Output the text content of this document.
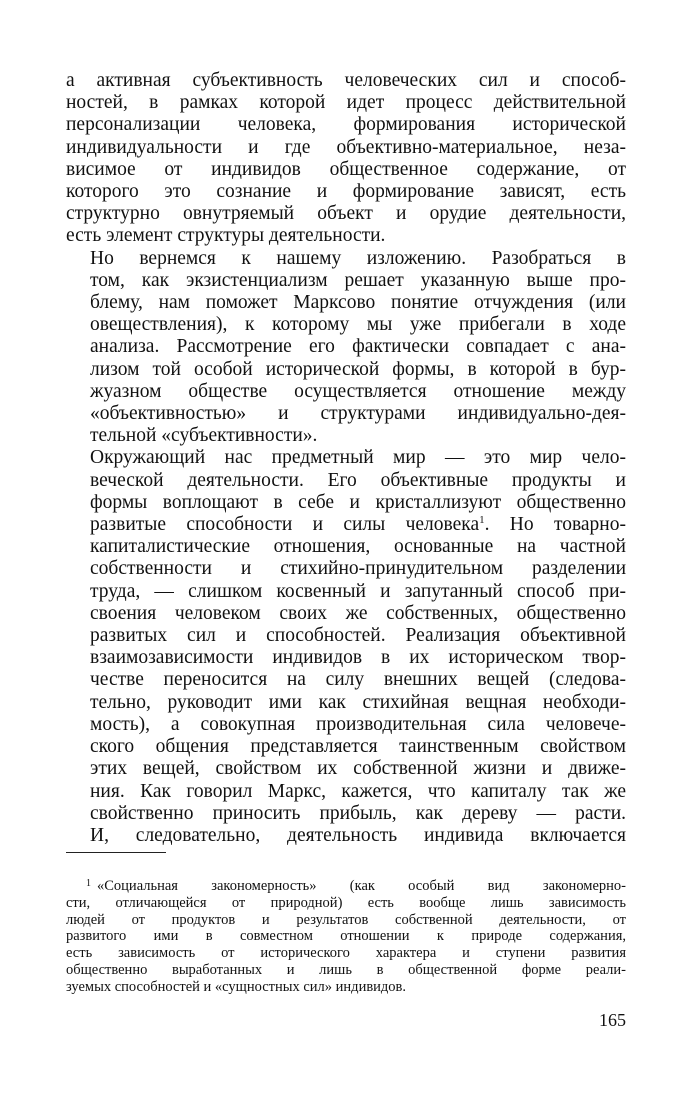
а активная субъективность человеческих сил и способ-
ностей, в рамках которой идет процесс действительной
персонализации человека, формирования исторической
индивидуальности и где объективно-материальное, неза-
висимое от индивидов общественное содержание, от
которого это сознание и формирование зависят, есть
структурно овнутряемый объект и орудие деятельности,
есть элемент структуры деятельности.

Но вернемся к нашему изложению. Разобраться в
том, как экзистенциализм решает указанную выше про-
блему, нам поможет Марксово понятие отчуждения (или
овеществления), к которому мы уже прибегали в ходе
анализа. Рассмотрение его фактически совпадает с ана-
лизом той особой исторической формы, в которой в бур-
жуазном обществе осуществляется отношение между
«объективностью» и структурами индивидуально-дея-
тельной «субъективности».

Окружающий нас предметный мир — это мир чело-
веческой деятельности. Его объективные продукты и
формы воплощают в себе и кристаллизуют общественно
развитые способности и силы человека$^1$. Но товарно-
капиталистические отношения, основанные на частной
собственности и стихийно-принудительном разделении
труда, — слишком косвенный и запутанный способ при-
своения человеком своих же собственных, общественно
развитых сил и способностей. Реализация объективной
взаимозависимости индивидов в их историческом твор-
честве переносится на силу внешних вещей (следова-
тельно, руководит ими как стихийная вещная необходи-
мость), а совокупная производительная сила человече-
ского общения представляется таинственным свойством
этих вещей, свойством их собственной жизни и движе-
ния. Как говорил Маркс, кажется, что капиталу так же
свойственно приносить прибыль, как дереву — расти.
И, следовательно, деятельность индивида включается

$^1$ «Социальная закономерность» (как особый вид закономерно-
сти, отличающейся от природной) есть вообще лишь зависимость
людей от продуктов и результатов собственной деятельности, от
развитого ими в совместном отношении к природе содержания,
есть зависимость от исторического характера и ступени развития
общественно выработанных и лишь в общественной форме реали-
зуемых способностей и «сущностных сил» индивидов.
165
